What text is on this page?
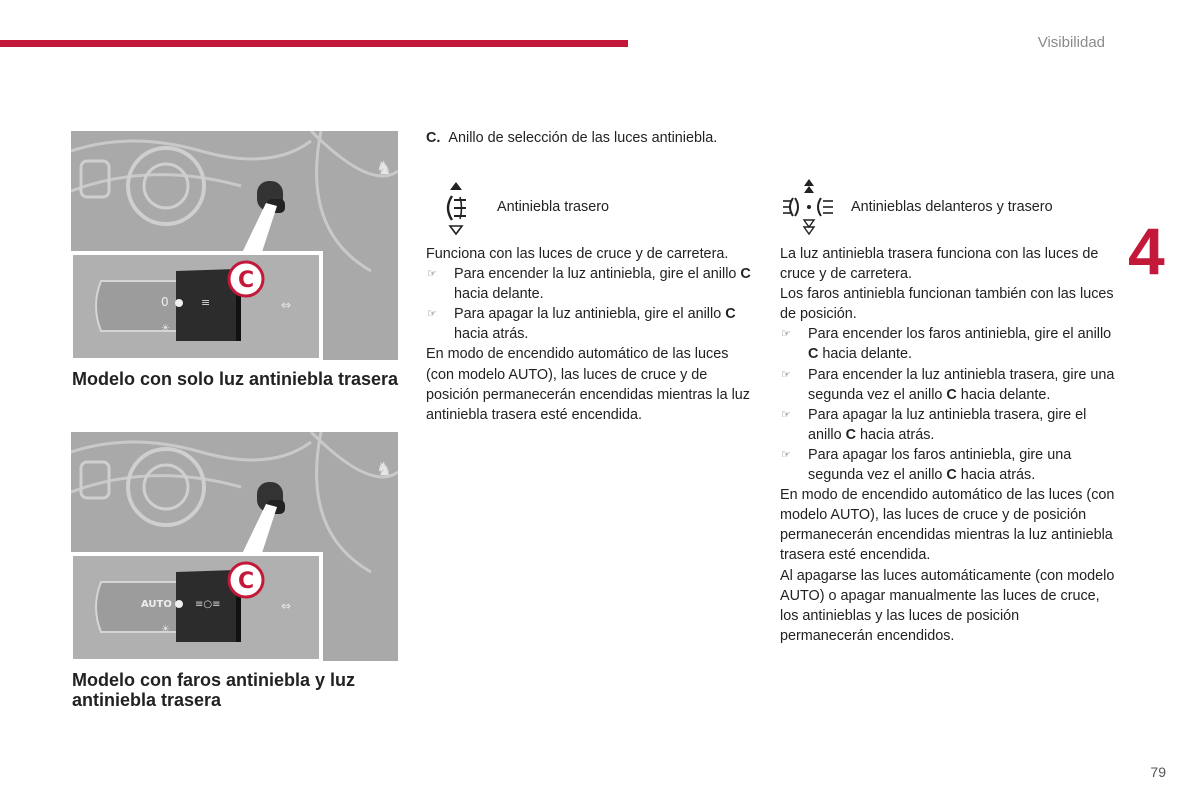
Visibilidad
4
79
♞
0	≡	⇔
☀
C
Modelo con solo luz antiniebla trasera
♞
AUTO ≡○≡	⇔
☀
C
Modelo con faros antiniebla y luz antiniebla trasera
C. Anillo de selección de las luces antiniebla.
Antiniebla trasero	Antinieblas delanteros y trasero

Funciona con las luces de cruce y de carretera.

☞ Para encender la luz antiniebla, gire el anillo C hacia delante.

☞ Para apagar la luz antiniebla, gire el anillo C hacia atrás.

En modo de encendido automático de las luces (con modelo AUTO), las luces de cruce y de posición permanecerán encendidas mientras la luz antiniebla trasera esté encendida.

La luz antiniebla trasera funciona con las luces de cruce y de carretera.

Los faros antiniebla funcionan también con las luces de posición.

☞ Para encender los faros antiniebla, gire el anillo C hacia delante.

☞ Para encender la luz antiniebla trasera, gire una segunda vez el anillo C hacia delante.

☞ Para apagar la luz antiniebla trasera, gire el anillo C hacia atrás.

☞ Para apagar los faros antiniebla, gire una segunda vez el anillo C hacia atrás.

En modo de encendido automático de las luces (con modelo AUTO), las luces de cruce y de posición permanecerán encendidas mientras la luz antiniebla trasera esté encendida.

Al apagarse las luces automáticamente (con modelo AUTO) o apagar manualmente las luces de cruce, los antinieblas y las luces de posición permanecerán encendidos.
